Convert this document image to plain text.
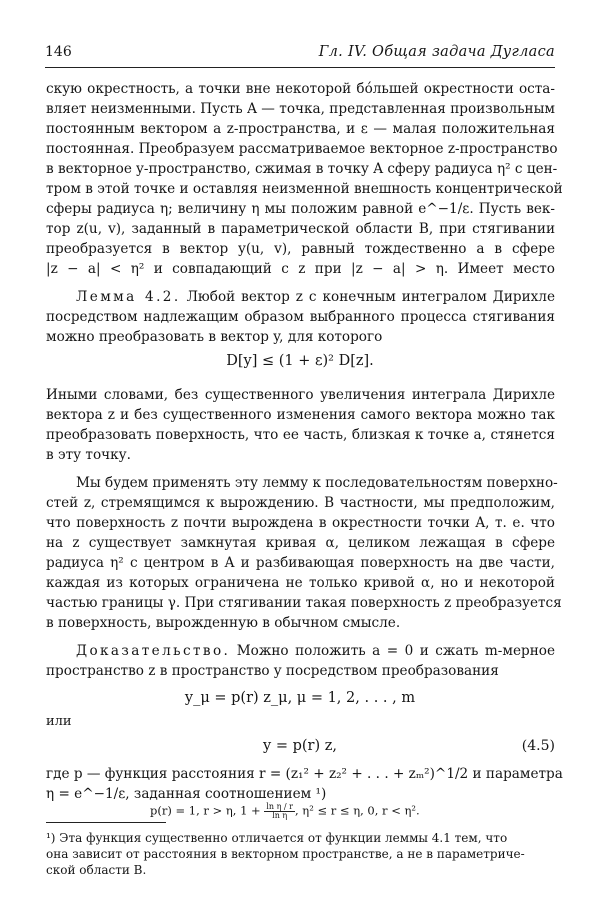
146	Гл. IV. Общая задача Дугласа
скую окрестность, а точки вне некоторой бóльшей окрестности оста-
вляет неизменными. Пусть A — точка, представленная произвольным
постоянным вектором a z-пространства, и ε — малая положительная
постоянная. Преобразуем рассматриваемое векторное z-пространство
в векторное y-пространство, сжимая в точку A сферу радиуса η² с цен-
тром в этой точке и оставляя неизменной внешность концентрической
сферы радиуса η; величину η мы положим равной e^−1/ε. Пусть век-
тор z(u, v), заданный в параметрической области B, при стягивании
преобразуется в вектор y(u, v), равный тождественно a в сфере
|z − a| < η² и совпадающий с z при |z − a| > η. Имеет место
Лемма 4.2. Любой вектор z с конечным интегралом Дирихле
посредством надлежащим образом выбранного процесса стягивания
можно преобразовать в вектор y, для которого
D[y] ≤ (1 + ε)² D[z].
Иными словами, без существенного увеличения интеграла Дирихле
вектора z и без существенного изменения самого вектора можно так
преобразовать поверхность, что ее часть, близкая к точке a, стянется
в эту точку.
Мы будем применять эту лемму к последовательностям поверхно-
стей z, стремящимся к вырождению. В частности, мы предположим,
что поверхность z почти вырождена в окрестности точки A, т. е. что
на z существует замкнутая кривая α, целиком лежащая в сфере
радиуса η² с центром в A и разбивающая поверхность на две части,
каждая из которых ограничена не только кривой α, но и некоторой
частью границы γ. При стягивании такая поверхность z преобразуется
в поверхность, вырожденную в обычном смысле.
Доказательство. Можно положить a = 0 и сжать m-мерное
пространство z в пространство y посредством преобразования
y_μ = p(r) z_μ, μ = 1, 2, . . . , m
или
y = p(r) z,	(4.5)
где p — функция расстояния r = (z₁² + z₂² + . . . + zₘ²)^1/2 и параметра
η = e^−1/ε, заданная соотношением ¹)
¹) Эта функция существенно отличается от функции леммы 4.1 тем, что
она зависит от расстояния в векторном пространстве, а не в параметриче-
ской области B.
p(r) = 1, r > η, $1 + \frac{\text{ln η / r}}{\text{ln η}}$ , η² ≤ r ≤ η, 0, r < η².
